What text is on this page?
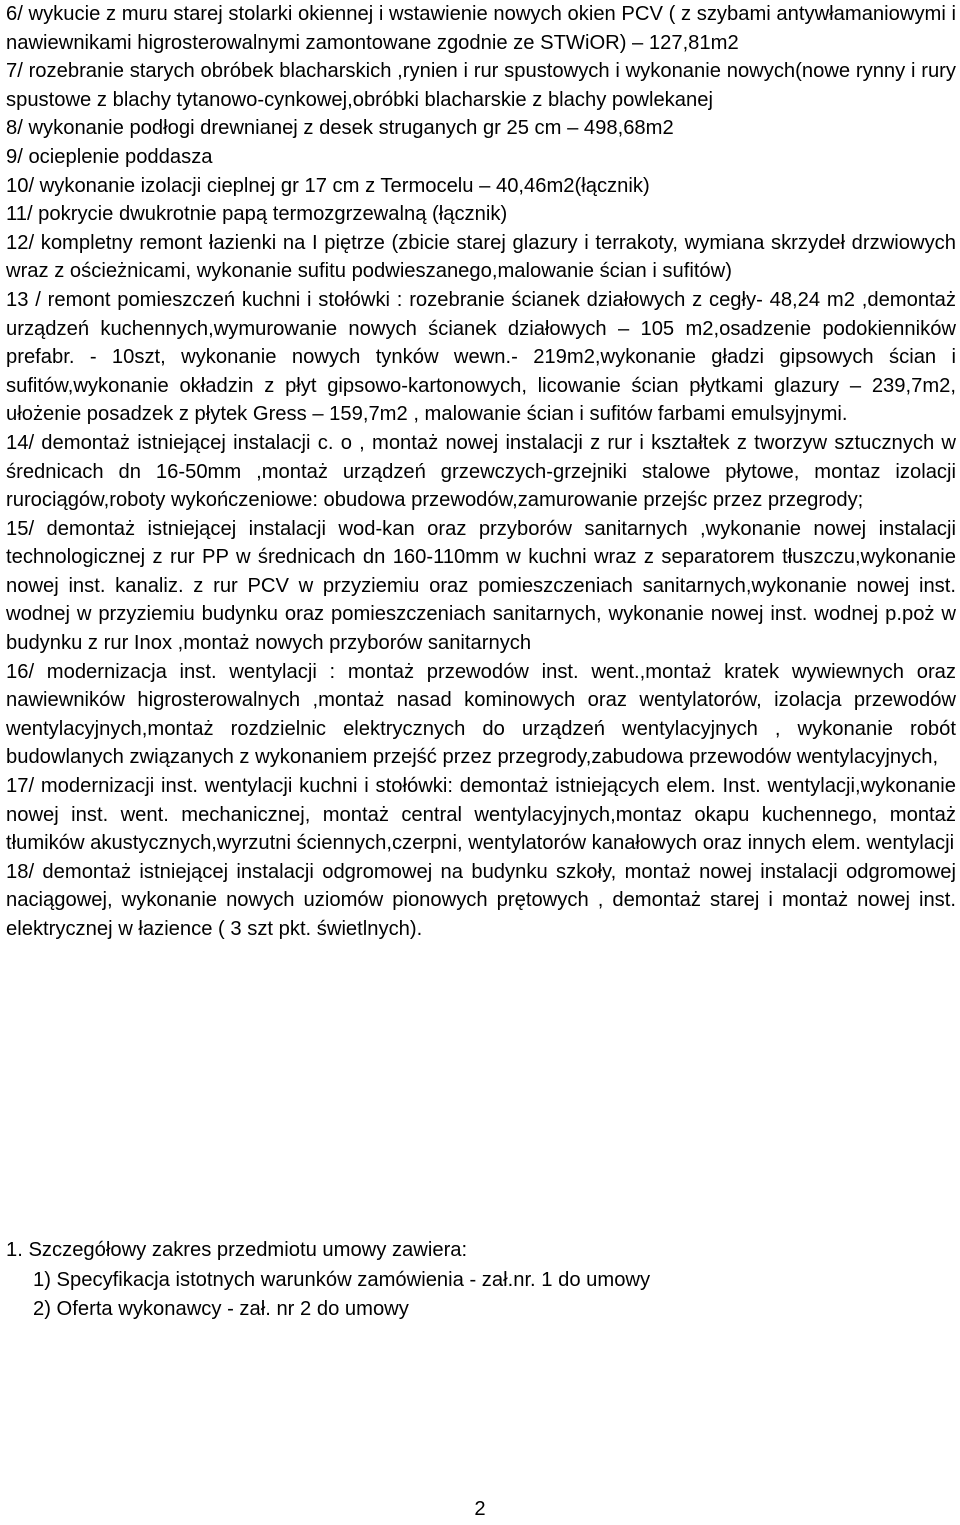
6/ wykucie z muru starej stolarki okiennej i wstawienie nowych okien PCV ( z szybami antywłamaniowymi i nawiewnikami higrosterowalnymi zamontowane zgodnie ze STWiOR) – 127,81m2

7/ rozebranie starych obróbek blacharskich ,rynien i rur spustowych i wykonanie nowych(nowe rynny i rury spustowe z blachy tytanowo-cynkowej,obróbki blacharskie z blachy powlekanej

8/ wykonanie podłogi drewnianej z desek struganych gr 25 cm – 498,68m2

9/ ocieplenie poddasza

10/ wykonanie izolacji cieplnej gr 17 cm z Termocelu – 40,46m2(łącznik)

11/ pokrycie dwukrotnie papą termozgrzewalną (łącznik)

12/ kompletny remont łazienki na I piętrze (zbicie starej glazury i terrakoty, wymiana skrzydeł drzwiowych wraz z ościeżnicami, wykonanie sufitu podwieszanego,malowanie ścian i sufitów)

13 / remont pomieszczeń kuchni i stołówki : rozebranie ścianek działowych z cegły- 48,24 m2 ,demontaż urządzeń kuchennych,wymurowanie nowych ścianek działowych – 105 m2,osadzenie podokienników prefabr. - 10szt, wykonanie nowych tynków wewn.- 219m2,wykonanie gładzi gipsowych ścian i sufitów,wykonanie okładzin z płyt gipsowo-kartonowych, licowanie ścian płytkami glazury – 239,7m2, ułożenie posadzek z płytek Gress – 159,7m2 , malowanie ścian i sufitów farbami emulsyjnymi.

14/ demontaż istniejącej instalacji c. o , montaż nowej instalacji z rur i kształtek z tworzyw sztucznych w średnicach dn 16-50mm ,montaż urządzeń grzewczych-grzejniki stalowe płytowe, montaz izolacji rurociągów,roboty wykończeniowe: obudowa przewodów,zamurowanie przejśc przez przegrody;

15/ demontaż istniejącej instalacji wod-kan oraz przyborów sanitarnych ,wykonanie nowej instalacji technologicznej z rur PP w średnicach dn 160-110mm w kuchni wraz z separatorem tłuszczu,wykonanie nowej inst. kanaliz. z rur PCV w przyziemiu oraz pomieszczeniach sanitarnych,wykonanie nowej inst. wodnej w przyziemiu budynku oraz pomieszczeniach sanitarnych, wykonanie nowej inst. wodnej p.poż w budynku z rur Inox ,montaż nowych przyborów sanitarnych

16/ modernizacja inst. wentylacji : montaż przewodów inst. went.,montaż kratek wywiewnych oraz nawiewników higrosterowalnych ,montaż nasad kominowych oraz wentylatorów, izolacja przewodów wentylacyjnych,montaż rozdzielnic elektrycznych do urządzeń wentylacyjnych , wykonanie robót budowlanych związanych z wykonaniem przejść przez przegrody,zabudowa przewodów wentylacyjnych,

17/ modernizacji inst. wentylacji kuchni i stołówki: demontaż istniejących elem. Inst. wentylacji,wykonanie nowej inst. went. mechanicznej, montaż central wentylacyjnych,montaz okapu kuchennego, montaż tłumików akustycznych,wyrzutni ściennych,czerpni, wentylatorów kanałowych oraz innych elem. wentylacji

18/ demontaż istniejącej instalacji odgromowej na budynku szkoły, montaż nowej instalacji odgromowej naciągowej, wykonanie nowych uziomów pionowych prętowych , demontaż starej i montaż nowej inst. elektrycznej w łazience ( 3 szt pkt. świetlnych).

1. Szczegółowy zakres przedmiotu umowy zawiera:

1) Specyfikacja istotnych warunków zamówienia - zał.nr. 1 do umowy

2) Oferta wykonawcy - zał. nr 2 do umowy

2
